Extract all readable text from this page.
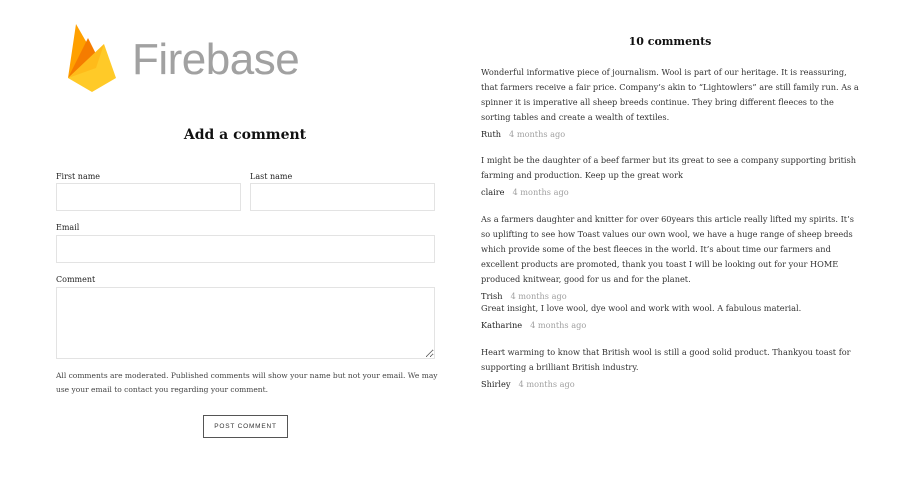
Firebase
Add a comment
First name	Last name
Email
Comment
All comments are moderated. Published comments will show your name but not your email. We may use your email to contact you regarding your comment.
POST COMMENT
10 comments

Wonderful informative piece of journalism. Wool is part of our heritage. It is reassuring, that farmers receive a fair price. Company’s akin to “Lightowlers” are still family run. As a spinner it is imperative all sheep breeds continue. They bring different fleeces to the sorting tables and create a wealth of textiles.

Ruth 4 months ago

I might be the daughter of a beef farmer but its great to see a company supporting british farming and production. Keep up the great work

claire 4 months ago

As a farmers daughter and knitter for over 60years this article really lifted my spirits. It’s so uplifting to see how Toast values our own wool, we have a huge range of sheep breeds which provide some of the best fleeces in the world. It’s about time our farmers and excellent products are promoted, thank you toast I will be looking out for your HOME produced knitwear, good for us and for the planet.

Trish 4 months ago

Great insight, I love wool, dye wool and work with wool. A fabulous material.

Katharine 4 months ago

Heart warming to know that British wool is still a good solid product. Thankyou toast for supporting a brilliant British industry.

Shirley 4 months ago
